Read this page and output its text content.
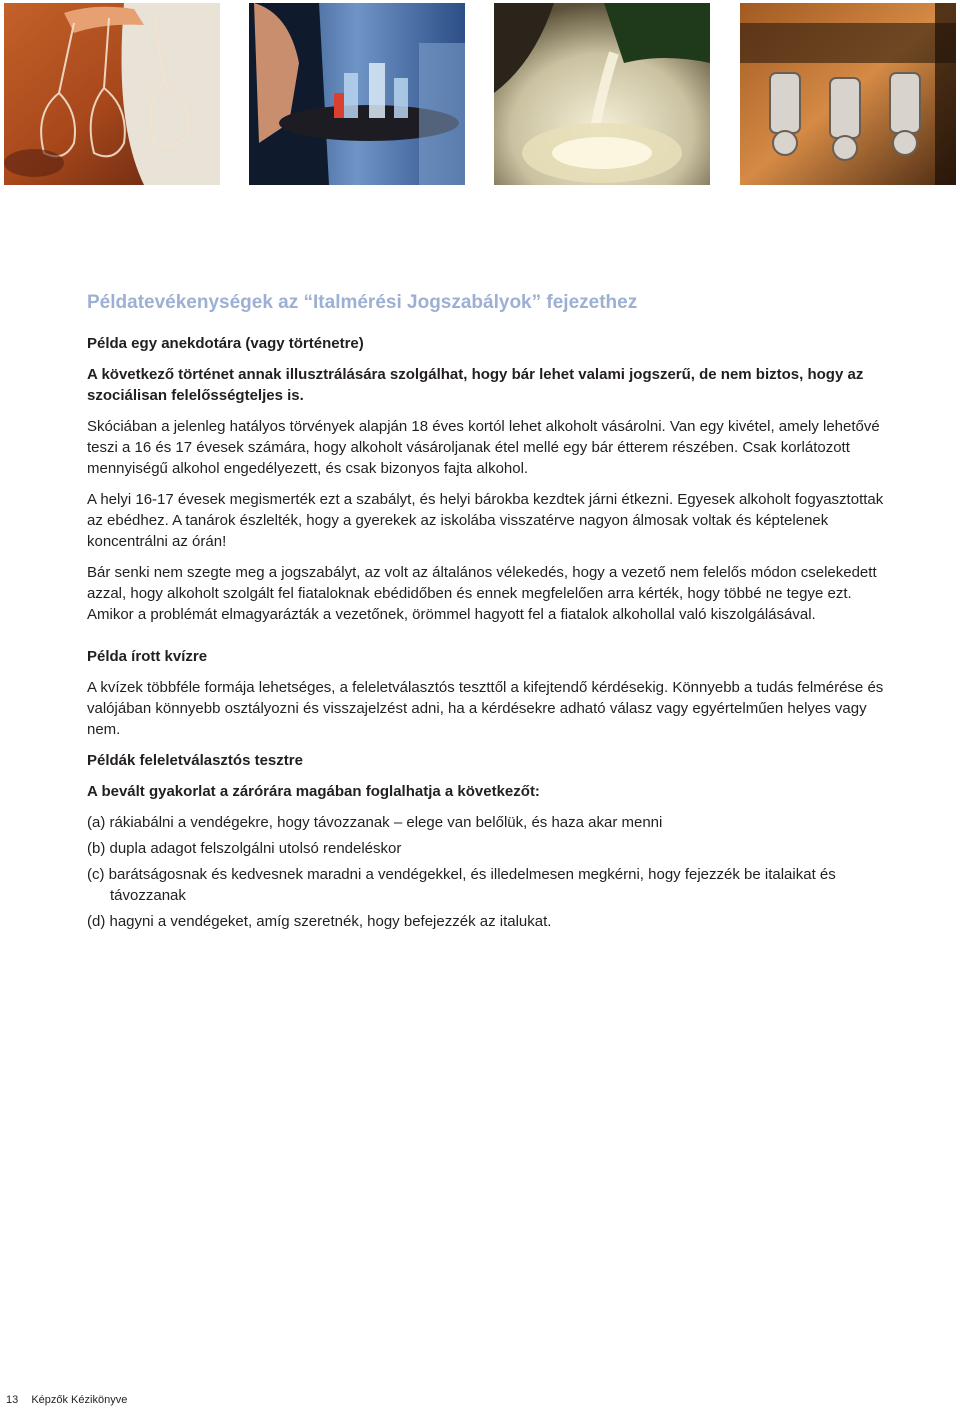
Példatevékenységek az “Italmérési Jogszabályok” fejezethez
Példa egy anekdotára (vagy történetre)
A következő történet annak illusztrálására szolgálhat, hogy bár lehet valami jogszerű, de nem biztos, hogy az szociálisan felelősségteljes is.
Skóciában a jelenleg hatályos törvények alapján 18 éves kortól lehet alkoholt vásárolni. Van egy kivétel, amely lehetővé teszi a 16 és 17 évesek számára, hogy alkoholt vásároljanak étel mellé egy bár étterem részében. Csak korlátozott mennyiségű alkohol engedélyezett, és csak bizonyos fajta alkohol.
A helyi 16-17 évesek megismerték ezt a szabályt, és helyi bárokba kezdtek járni étkezni. Egyesek alkoholt fogyasztottak az ebédhez. A tanárok észlelték, hogy a gyerekek az iskolába visszatérve nagyon álmosak voltak és képtelenek koncentrálni az órán!
Bár senki nem szegte meg a jogszabályt, az volt az általános vélekedés, hogy a vezető nem felelős módon cselekedett azzal, hogy alkoholt szolgált fel fiataloknak ebédidőben és ennek megfelelően arra kérték, hogy többé ne tegye ezt. Amikor a problémát elmagyarázták a vezetőnek, örömmel hagyott fel a fiatalok alkohollal való kiszolgálásával.
Példa írott kvízre
A kvízek többféle formája lehetséges, a feleletválasztós teszttől a kifejtendő kérdésekig. Könnyebb a tudás felmérése és valójában könnyebb osztályozni és visszajelzést adni, ha a kérdésekre adható válasz vagy egyértelműen helyes vagy nem.
Példák feleletválasztós tesztre
A bevált gyakorlat a zárórára magában foglalhatja a következőt:
(a) rákiabálni a vendégekre, hogy távozzanak – elege van belőlük, és haza akar menni
(b) dupla adagot felszolgálni utolsó rendeléskor
(c) barátságosnak és kedvesnek maradni a vendégekkel, és illedelmesen megkérni, hogy fejezzék be italaikat és távozzanak
(d) hagyni a vendégeket, amíg szeretnék, hogy befejezzék az italukat.
13 Képzők Kézikönyve
